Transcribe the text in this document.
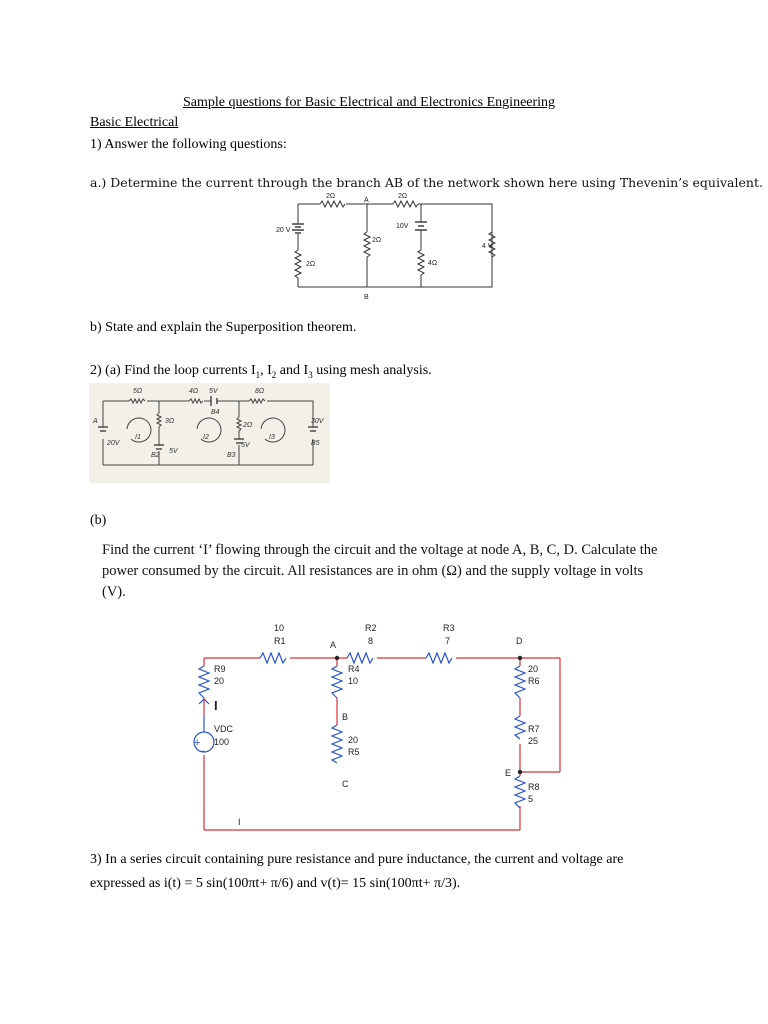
Sample questions for Basic Electrical and Electronics Engineering
Basic Electrical
1) Answer the following questions:
a.) Determine the current through the branch AB of the network shown here using Thevenin’s equivalent.
2Ω
A
2Ω
20 V
2Ω
10V
2Ω	4Ω
4 V
B
b) State and explain the Superposition theorem.
2) (a) Find the loop currents $I_1$, $I_2$ and $I_3$ using mesh analysis.
5Ω	4Ω 5V	8Ω
B4
A	3Ω
2Ω
30V
B5
20V
I1	I2	I3
B2
5V
5V
B3
(b)
Find the current ‘I’ flowing through the circuit and the voltage at node A, B, C, D. Calculate the power consumed by the circuit. All resistances are in ohm (Ω) and the supply voltage in volts (V).
10
R1
R2
8
R3
7
A	D
R9
20
R4
10
20
R6
I
B
VDC
100
R7
25
20
R5
E
R8
5
C
I
+
−
3) In a series circuit containing pure resistance and pure inductance, the current and voltage are
expressed as i(t) = 5 sin(100πt+ π/6) and v(t)= 15 sin(100πt+ π/3).
